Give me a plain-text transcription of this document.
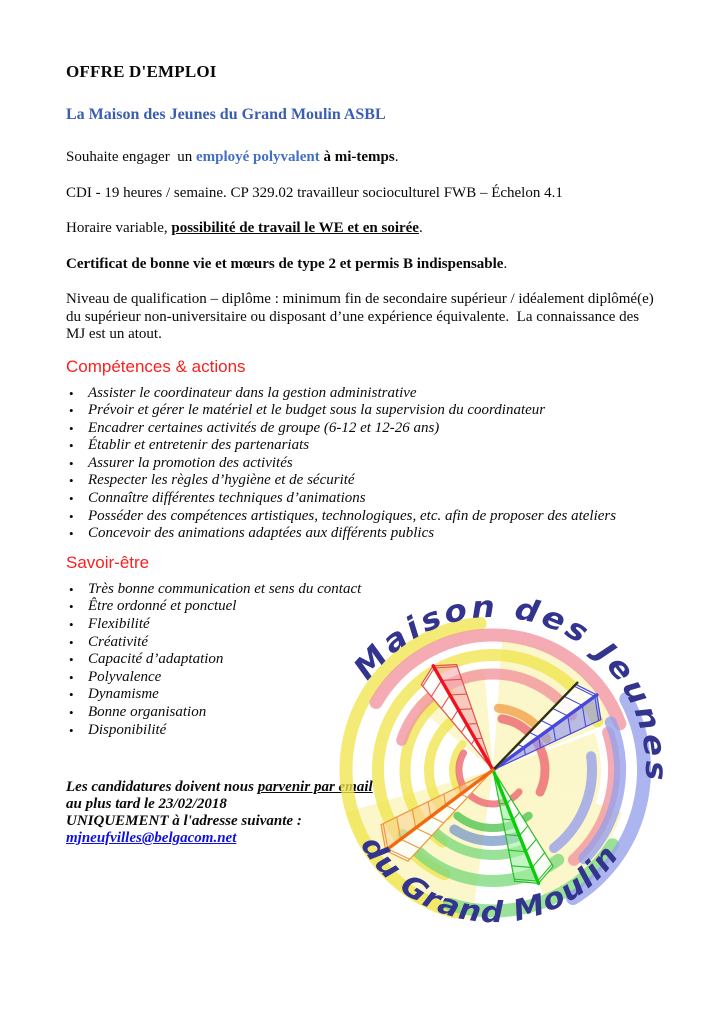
OFFRE D'EMPLOI
La Maison des Jeunes du Grand Moulin ASBL

Souhaite engager  un employé polyvalent à mi-temps.

CDI - 19 heures / semaine. CP 329.02 travailleur socioculturel FWB – Échelon 4.1

Horaire variable, possibilité de travail le WE et en soirée.

Certificat de bonne vie et mœurs de type 2 et permis B indispensable.

Niveau de qualification – diplôme : minimum fin de secondaire supérieur / idéalement diplômé(e) du supérieur non-universitaire ou disposant d’une expérience équivalente.  La connaissance des MJ est un atout.

Compétences & actions
• Assister le coordinateur dans la gestion administrative
• Prévoir et gérer le matériel et le budget sous la supervision du coordinateur
• Encadrer certaines activités de groupe (6-12 et 12-26 ans)
• Établir et entretenir des partenariats
• Assurer la promotion des activités
• Respecter les règles d’hygiène et de sécurité
• Connaître différentes techniques d’animations
• Posséder des compétences artistiques, technologiques, etc. afin de proposer des ateliers
• Concevoir des animations adaptées aux différents publics
Savoir-être
• Très bonne communication et sens du contact
• Être ordonné et ponctuel
• Flexibilité
• Créativité
• Capacité d’adaptation
• Polyvalence
• Dynamisme
• Bonne organisation
• Disponibilité
Les candidatures doivent nous parvenir par email
au plus tard le 23/02/2018
UNIQUEMENT à l'adresse suivante :
mjneufvilles@belgacom.net
Maison des Jeunes
du Grand Moulin
